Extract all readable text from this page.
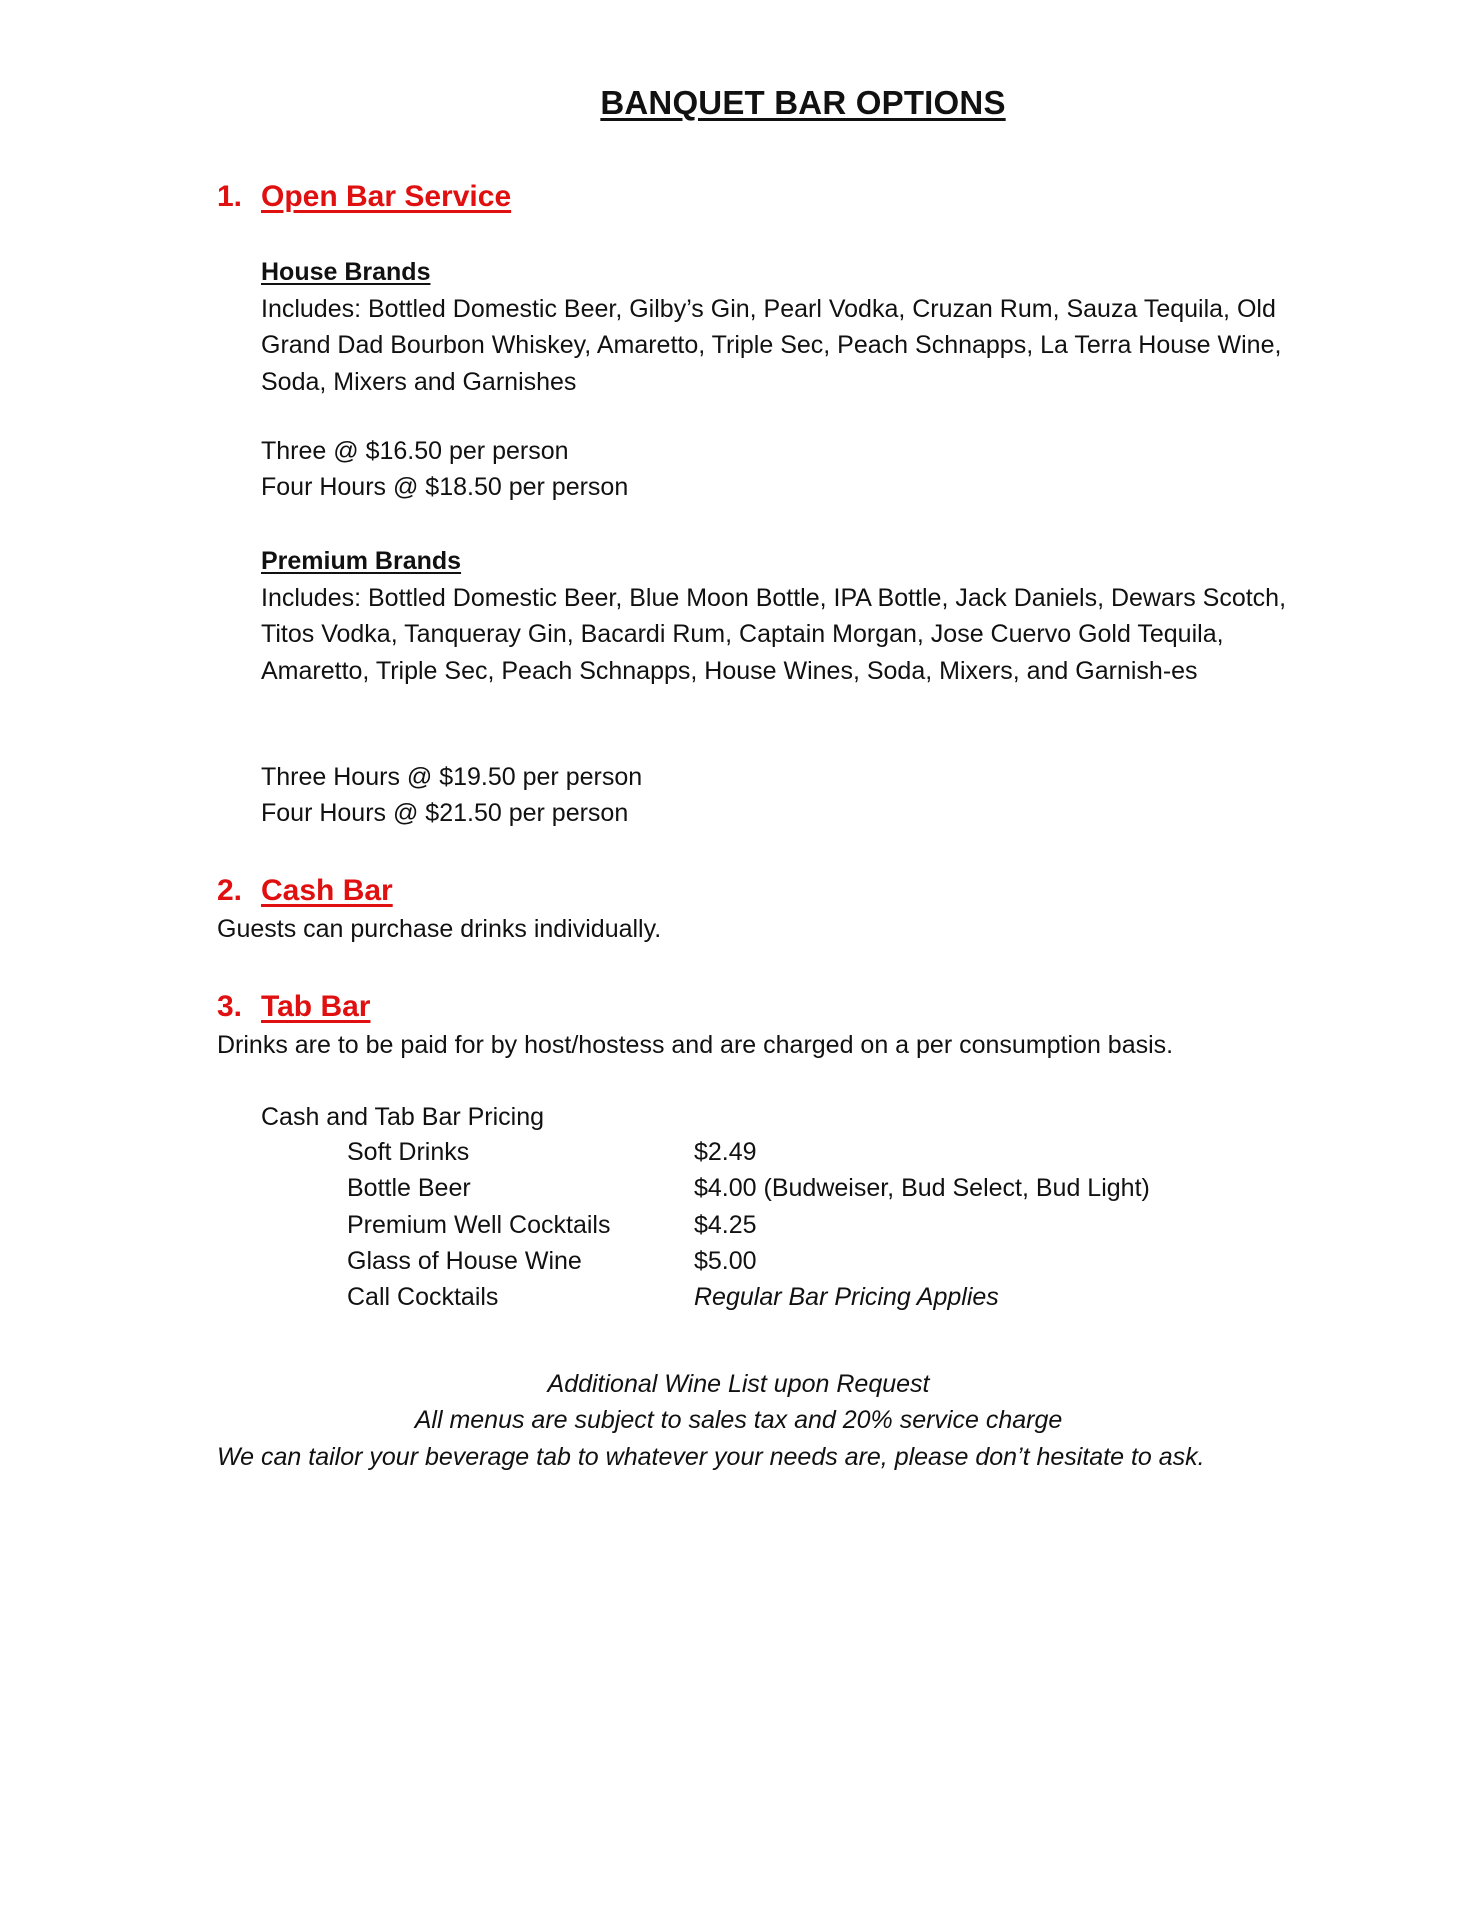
BANQUET BAR OPTIONS
1. Open Bar Service
House Brands
Includes: Bottled Domestic Beer, Gilby’s Gin, Pearl Vodka, Cruzan Rum, Sauza Tequila, Old Grand Dad Bourbon Whiskey, Amaretto, Triple Sec, Peach Schnapps, La Terra House Wine, Soda, Mixers and Garnishes
Three @ $16.50 per person
Four Hours @ $18.50 per person
Premium Brands
Includes: Bottled Domestic Beer, Blue Moon Bottle, IPA Bottle, Jack Daniels, Dewars Scotch, Titos Vodka, Tanqueray Gin, Bacardi Rum, Captain Morgan, Jose Cuervo Gold Tequila, Amaretto, Triple Sec, Peach Schnapps, House Wines, Soda, Mixers, and Garnish-es
Three Hours @ $19.50 per person
Four Hours @ $21.50 per person
2. Cash Bar
Guests can purchase drinks individually.
3. Tab Bar
Drinks are to be paid for by host/hostess and are charged on a per consumption basis.
Cash and Tab Bar Pricing
Soft Drinks	$2.49
Bottle Beer	$4.00 (Budweiser, Bud Select, Bud Light)
Premium Well Cocktails	$4.25
Glass of House Wine	$5.00
Call Cocktails	Regular Bar Pricing Applies
Additional Wine List upon Request
All menus are subject to sales tax and 20% service charge
We can tailor your beverage tab to whatever your needs are, please don’t hesitate to ask.
